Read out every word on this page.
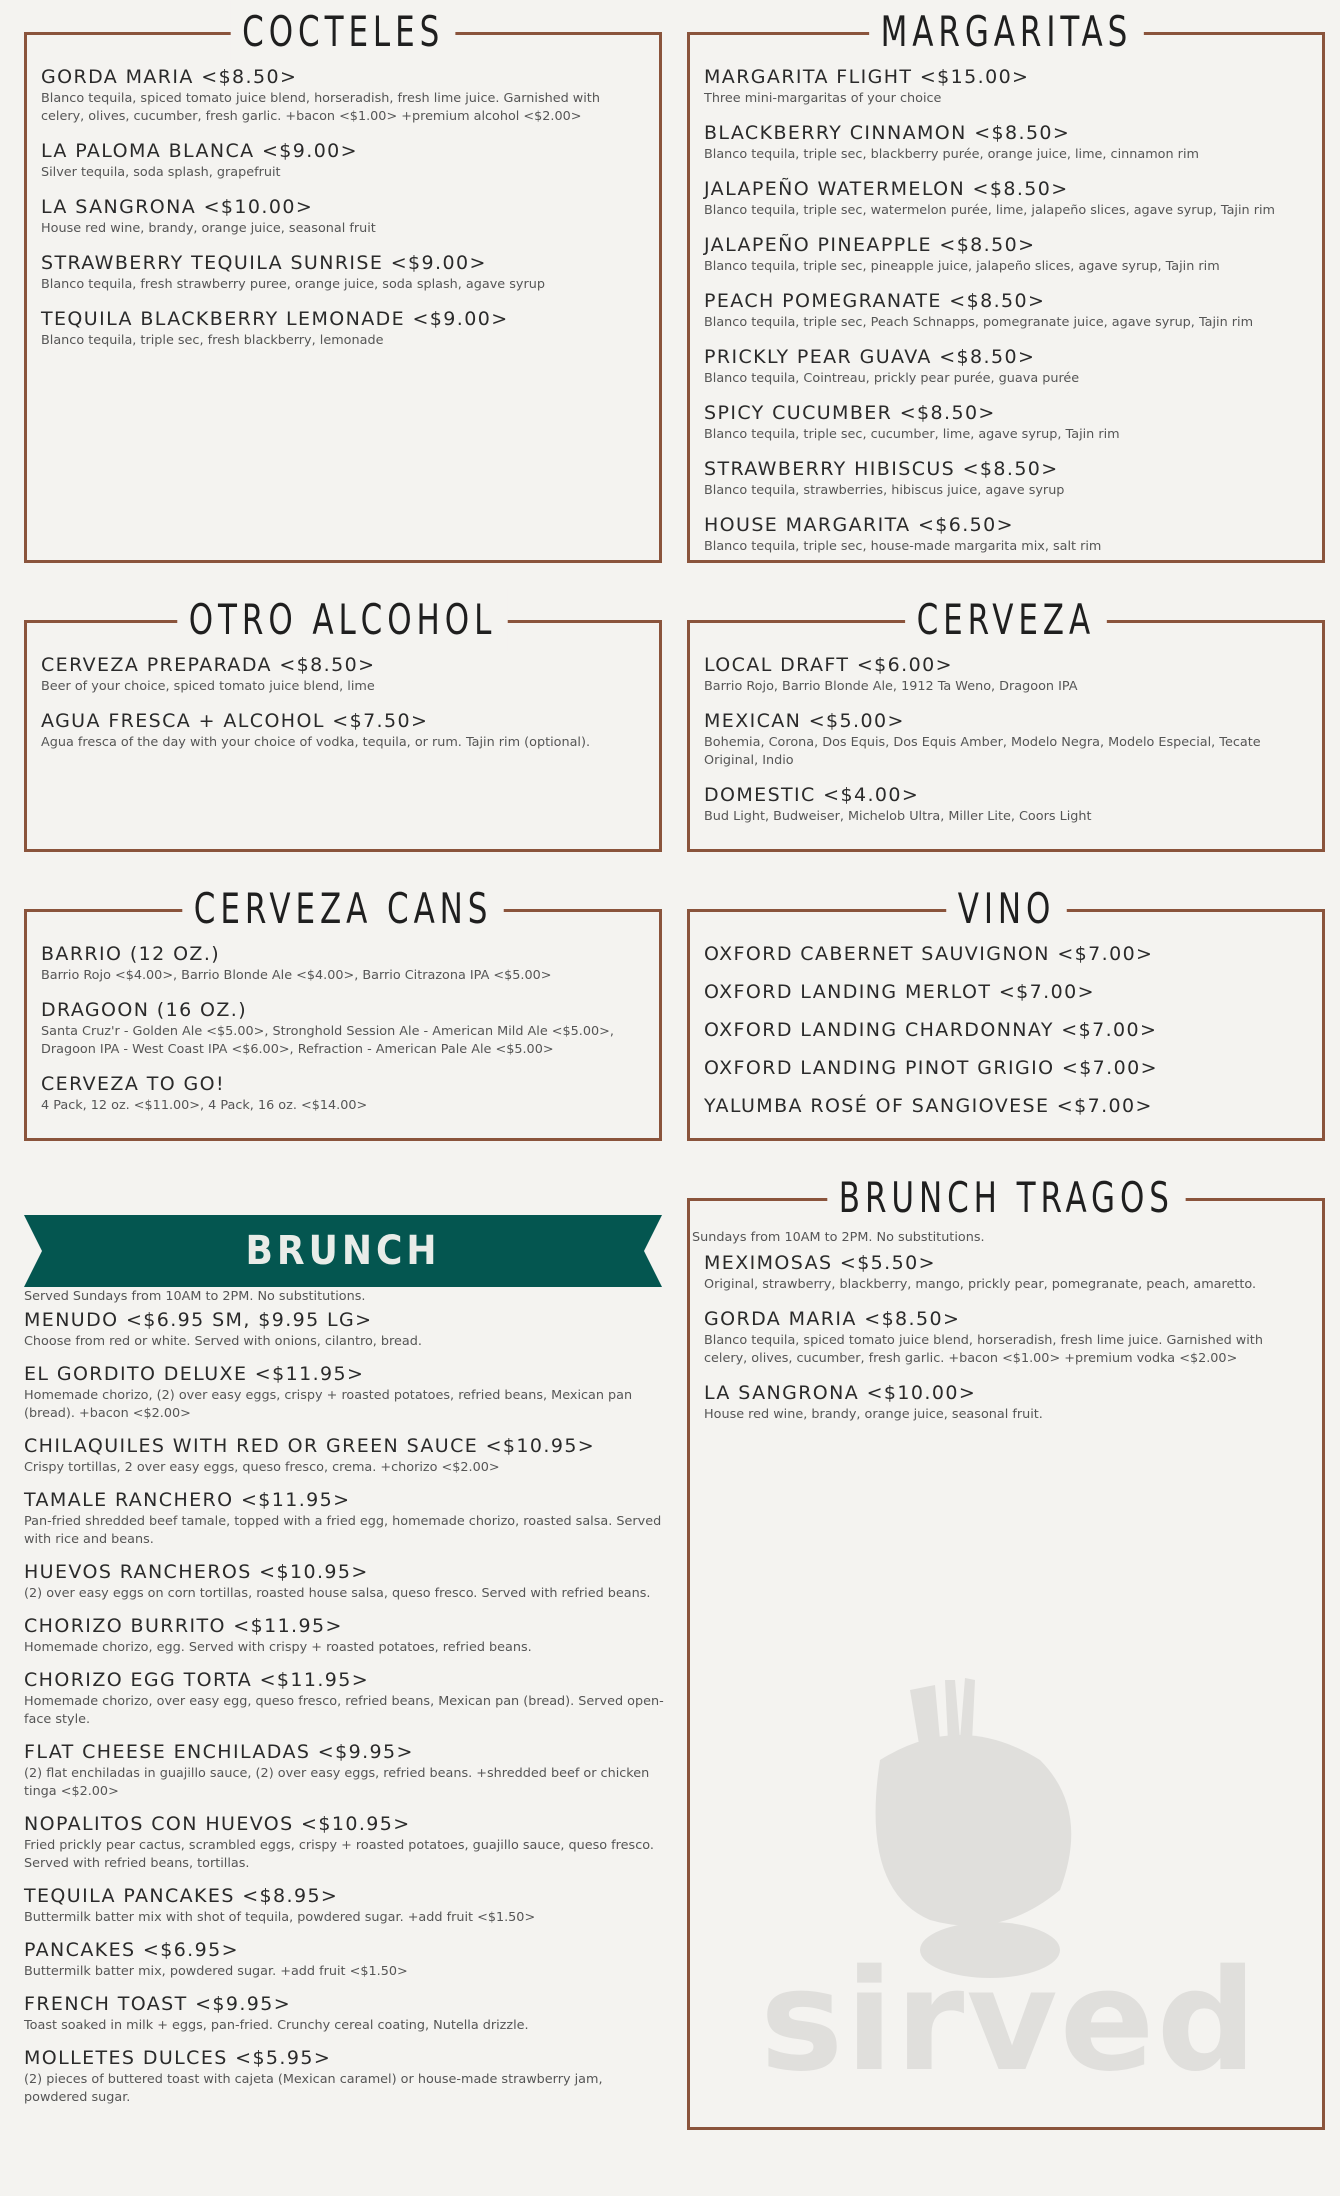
COCTELES
GORDA MARIA <$8.50>
Blanco tequila, spiced tomato juice blend, horseradish, fresh lime juice. Garnished with celery, olives, cucumber, fresh garlic. +bacon <$1.00> +premium alcohol <$2.00>
LA PALOMA BLANCA <$9.00>
Silver tequila, soda splash, grapefruit
LA SANGRONA <$10.00>
House red wine, brandy, orange juice, seasonal fruit
STRAWBERRY TEQUILA SUNRISE <$9.00>
Blanco tequila, fresh strawberry puree, orange juice, soda splash, agave syrup
TEQUILA BLACKBERRY LEMONADE <$9.00>
Blanco tequila, triple sec, fresh blackberry, lemonade
MARGARITAS
MARGARITA FLIGHT <$15.00>
Three mini-margaritas of your choice
BLACKBERRY CINNAMON <$8.50>
Blanco tequila, triple sec, blackberry purée, orange juice, lime, cinnamon rim
JALAPEÑO WATERMELON <$8.50>
Blanco tequila, triple sec, watermelon purée, lime, jalapeño slices, agave syrup, Tajin rim
JALAPEÑO PINEAPPLE <$8.50>
Blanco tequila, triple sec, pineapple juice, jalapeño slices, agave syrup, Tajin rim
PEACH POMEGRANATE <$8.50>
Blanco tequila, triple sec, Peach Schnapps, pomegranate juice, agave syrup, Tajin rim
PRICKLY PEAR GUAVA <$8.50>
Blanco tequila, Cointreau, prickly pear purée, guava purée
SPICY CUCUMBER <$8.50>
Blanco tequila, triple sec, cucumber, lime, agave syrup, Tajin rim
STRAWBERRY HIBISCUS <$8.50>
Blanco tequila, strawberries, hibiscus juice, agave syrup
HOUSE MARGARITA <$6.50>
Blanco tequila, triple sec, house-made margarita mix, salt rim
OTRO ALCOHOL
CERVEZA PREPARADA <$8.50>
Beer of your choice, spiced tomato juice blend, lime
AGUA FRESCA + ALCOHOL <$7.50>
Agua fresca of the day with your choice of vodka, tequila, or rum. Tajin rim (optional).
CERVEZA
LOCAL DRAFT <$6.00>
Barrio Rojo, Barrio Blonde Ale, 1912 Ta Weno, Dragoon IPA
MEXICAN <$5.00>
Bohemia, Corona, Dos Equis, Dos Equis Amber, Modelo Negra, Modelo Especial, Tecate Original, Indio
DOMESTIC <$4.00>
Bud Light, Budweiser, Michelob Ultra, Miller Lite, Coors Light
CERVEZA CANS
BARRIO (12 OZ.)
Barrio Rojo <$4.00>, Barrio Blonde Ale <$4.00>, Barrio Citrazona IPA <$5.00>
DRAGOON (16 OZ.)
Santa Cruz'r - Golden Ale <$5.00>, Stronghold Session Ale - American Mild Ale <$5.00>, Dragoon IPA - West Coast IPA <$6.00>, Refraction - American Pale Ale <$5.00>
CERVEZA TO GO!
4 Pack, 12 oz. <$11.00>, 4 Pack, 16 oz. <$14.00>
VINO
OXFORD CABERNET SAUVIGNON <$7.00>
OXFORD LANDING MERLOT <$7.00>
OXFORD LANDING CHARDONNAY <$7.00>
OXFORD LANDING PINOT GRIGIO <$7.00>
YALUMBA ROSÉ OF SANGIOVESE <$7.00>
BRUNCH
Served Sundays from 10AM to 2PM. No substitutions.
MENUDO <$6.95 SM, $9.95 LG>
Choose from red or white. Served with onions, cilantro, bread.
EL GORDITO DELUXE <$11.95>
Homemade chorizo, (2) over easy eggs, crispy + roasted potatoes, refried beans, Mexican pan (bread). +bacon <$2.00>
CHILAQUILES WITH RED OR GREEN SAUCE <$10.95>
Crispy tortillas, 2 over easy eggs, queso fresco, crema. +chorizo <$2.00>
TAMALE RANCHERO <$11.95>
Pan-fried shredded beef tamale, topped with a fried egg, homemade chorizo, roasted salsa. Served with rice and beans.
HUEVOS RANCHEROS <$10.95>
(2) over easy eggs on corn tortillas, roasted house salsa, queso fresco. Served with refried beans.
CHORIZO BURRITO <$11.95>
Homemade chorizo, egg. Served with crispy + roasted potatoes, refried beans.
CHORIZO EGG TORTA <$11.95>
Homemade chorizo, over easy egg, queso fresco, refried beans, Mexican pan (bread). Served open-face style.
FLAT CHEESE ENCHILADAS <$9.95>
(2) flat enchiladas in guajillo sauce, (2) over easy eggs, refried beans. +shredded beef or chicken tinga <$2.00>
NOPALITOS CON HUEVOS <$10.95>
Fried prickly pear cactus, scrambled eggs, crispy + roasted potatoes, guajillo sauce, queso fresco. Served with refried beans, tortillas.
TEQUILA PANCAKES <$8.95>
Buttermilk batter mix with shot of tequila, powdered sugar. +add fruit <$1.50>
PANCAKES <$6.95>
Buttermilk batter mix, powdered sugar. +add fruit <$1.50>
FRENCH TOAST <$9.95>
Toast soaked in milk + eggs, pan-fried. Crunchy cereal coating, Nutella drizzle.
MOLLETES DULCES <$5.95>
(2) pieces of buttered toast with cajeta (Mexican caramel) or house-made strawberry jam, powdered sugar.
BRUNCH TRAGOS
Sundays from 10AM to 2PM. No substitutions.
MEXIMOSAS <$5.50>
Original, strawberry, blackberry, mango, prickly pear, pomegranate, peach, amaretto.
GORDA MARIA <$8.50>
Blanco tequila, spiced tomato juice blend, horseradish, fresh lime juice. Garnished with celery, olives, cucumber, fresh garlic. +bacon <$1.00> +premium vodka <$2.00>
LA SANGRONA <$10.00>
House red wine, brandy, orange juice, seasonal fruit.
sirved
